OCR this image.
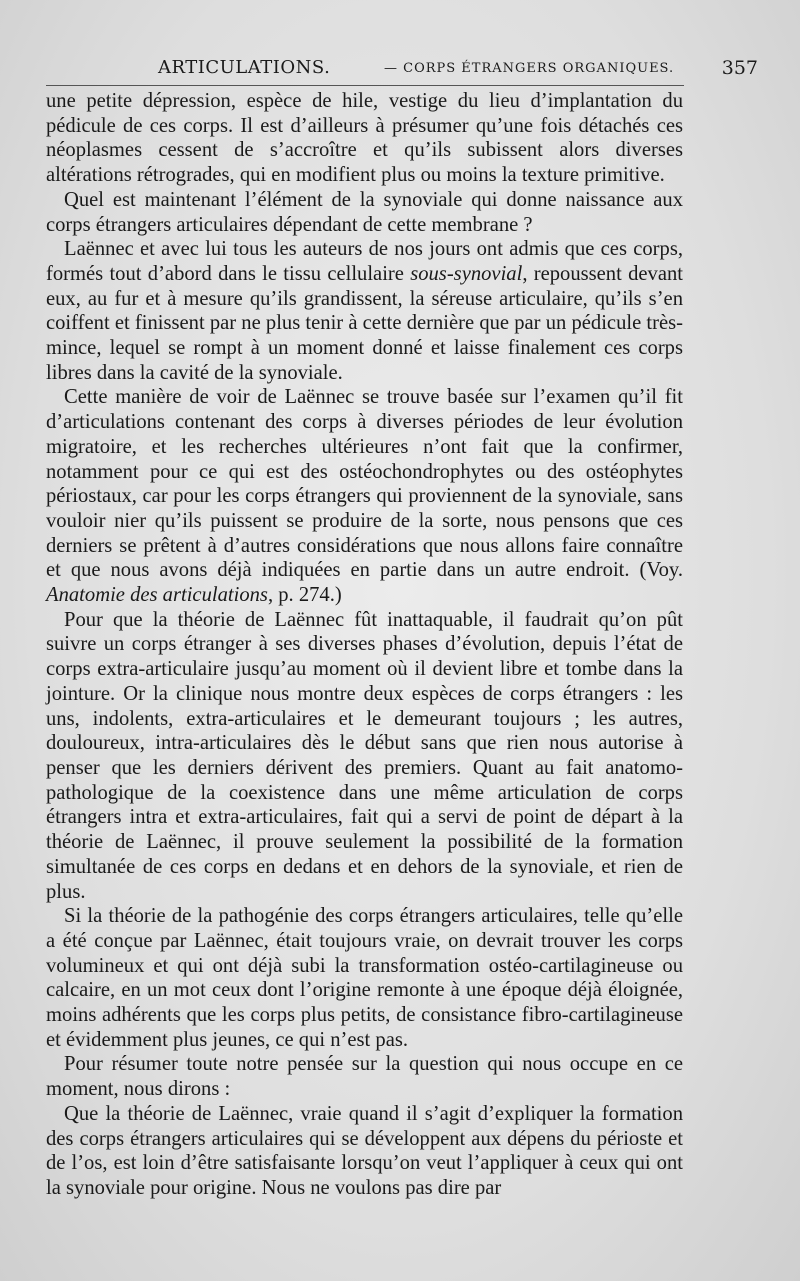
ARTICULATIONS.	— CORPS ÉTRANGERS ORGANIQUES.	357

une petite dépression, espèce de hile, vestige du lieu d’implantation du pédicule de ces corps. Il est d’ailleurs à présumer qu’une fois détachés ces néoplasmes cessent de s’accroître et qu’ils subissent alors diverses altérations rétrogrades, qui en modifient plus ou moins la texture primitive.

Quel est maintenant l’élément de la synoviale qui donne naissance aux corps étrangers articulaires dépendant de cette membrane ?

Laënnec et avec lui tous les auteurs de nos jours ont admis que ces corps, formés tout d’abord dans le tissu cellulaire sous-synovial, repoussent devant eux, au fur et à mesure qu’ils grandissent, la séreuse articulaire, qu’ils s’en coiffent et finissent par ne plus tenir à cette dernière que par un pédicule très-mince, lequel se rompt à un moment donné et laisse finalement ces corps libres dans la cavité de la synoviale.

Cette manière de voir de Laënnec se trouve basée sur l’examen qu’il fit d’articulations contenant des corps à diverses périodes de leur évolution migratoire, et les recherches ultérieures n’ont fait que la confirmer, notamment pour ce qui est des ostéochondrophytes ou des ostéophytes périostaux, car pour les corps étrangers qui proviennent de la synoviale, sans vouloir nier qu’ils puissent se produire de la sorte, nous pensons que ces derniers se prêtent à d’autres considérations que nous allons faire connaître et que nous avons déjà indiquées en partie dans un autre endroit. (Voy. Anatomie des articulations, p. 274.)

Pour que la théorie de Laënnec fût inattaquable, il faudrait qu’on pût suivre un corps étranger à ses diverses phases d’évolution, depuis l’état de corps extra-articulaire jusqu’au moment où il devient libre et tombe dans la jointure. Or la clinique nous montre deux espèces de corps étrangers : les uns, indolents, extra-articulaires et le demeurant toujours ; les autres, douloureux, intra-articulaires dès le début sans que rien nous autorise à penser que les derniers dérivent des premiers. Quant au fait anatomo-pathologique de la coexistence dans une même articulation de corps étrangers intra et extra-articulaires, fait qui a servi de point de départ à la théorie de Laënnec, il prouve seulement la possibilité de la formation simultanée de ces corps en dedans et en dehors de la synoviale, et rien de plus.

Si la théorie de la pathogénie des corps étrangers articulaires, telle qu’elle a été conçue par Laënnec, était toujours vraie, on devrait trouver les corps volumineux et qui ont déjà subi la transformation ostéo-cartilagineuse ou calcaire, en un mot ceux dont l’origine remonte à une époque déjà éloignée, moins adhérents que les corps plus petits, de consistance fibro-cartilagineuse et évidemment plus jeunes, ce qui n’est pas.

Pour résumer toute notre pensée sur la question qui nous occupe en ce moment, nous dirons :

Que la théorie de Laënnec, vraie quand il s’agit d’expliquer la formation des corps étrangers articulaires qui se développent aux dépens du périoste et de l’os, est loin d’être satisfaisante lorsqu’on veut l’appliquer à ceux qui ont la synoviale pour origine. Nous ne voulons pas dire par
